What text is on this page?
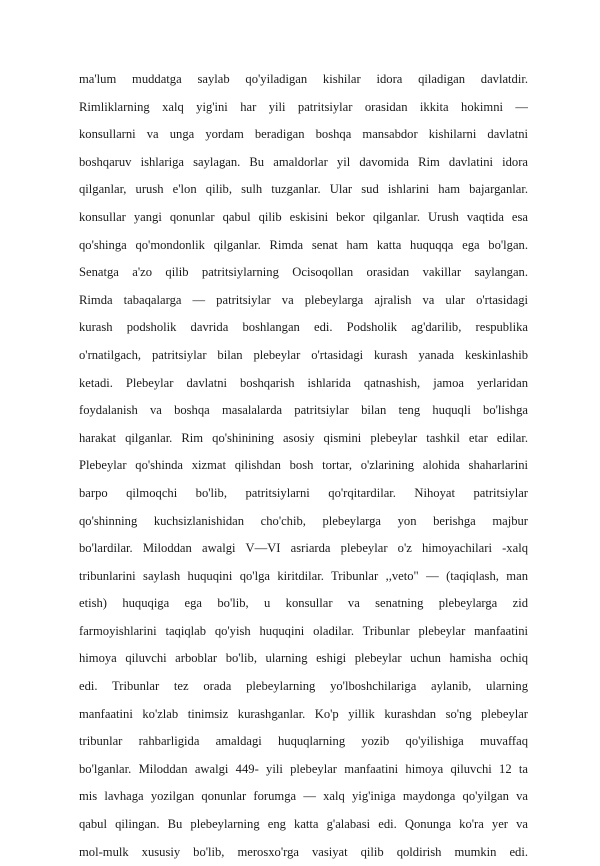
ma'lum muddatga saylab qo'yiladigan kishilar idora qiladigan davlatdir.
Rimliklarning xalq yig'ini har yili patritsiylar orasidan ikkita hokimni —
konsullarni va unga yordam beradigan boshqa mansabdor kishilarni davlatni
boshqaruv ishlariga saylagan. Bu amaldorlar yil davomida Rim davlatini idora
qilganlar, urush e'lon qilib, sulh tuzganlar. Ular sud ishlarini ham bajarganlar.
konsullar yangi qonunlar qabul qilib eskisini bekor qilganlar. Urush vaqtida esa
qo'shinga qo'mondonlik qilganlar. Rimda senat ham katta huquqqa ega bo'lgan.
Senatga a'zo qilib patritsiylarning Ocisoqollan orasidan vakillar saylangan.
Rimda tabaqalarga — patritsiylar va plebeylarga ajralish va ular o'rtasidagi
kurash podsholik davrida boshlangan edi. Podsholik ag'darilib, respublika
o'rnatilgach, patritsiylar bilan plebeylar o'rtasidagi kurash yanada keskinlashib
ketadi. Plebeylar davlatni boshqarish ishlarida qatnashish, jamoa yerlaridan
foydalanish va boshqa masalalarda patritsiylar bilan teng huquqli bo'lishga
harakat qilganlar. Rim qo'shinining asosiy qismini plebeylar tashkil etar edilar.
Plebeylar qo'shinda xizmat qilishdan bosh tortar, o'zlarining alohida shaharlarini
barpo qilmoqchi bo'lib, patritsiylarni qo'rqitardilar. Nihoyat patritsiylar
qo'shinning kuchsizlanishidan cho'chib, plebeylarga yon berishga majbur
bo'lardilar. Miloddan awalgi V—VI asriarda plebeylar o'z himoyachilari -xalq
tribunlarini saylash huquqini qo'lga kiritdilar. Tribunlar ,,veto" — (taqiqlash, man
etish) huquqiga ega bo'lib, u konsullar va senatning plebeylarga zid
farmoyishlarini taqiqlab qo'yish huquqini oladilar. Tribunlar plebeylar manfaatini
himoya qiluvchi arboblar bo'lib, ularning eshigi plebeylar uchun hamisha ochiq
edi. Tribunlar tez orada plebeylarning yo'lboshchilariga aylanib, ularning
manfaatini ko'zlab tinimsiz kurashganlar. Ko'p yillik kurashdan so'ng plebeylar
tribunlar rahbarligida amaldagi huquqlarning yozib qo'yilishiga muvaffaq
bo'lganlar. Miloddan awalgi 449- yili plebeylar manfaatini himoya qiluvchi 12 ta
mis lavhaga yozilgan qonunlar forumga — xalq yig'iniga maydonga qo'yilgan va
qabul qilingan. Bu plebeylarning eng katta g'alabasi edi. Qonunga ko'ra yer va
mol-mulk xususiy bo'lib, merosxo'rga vasiyat qilib qoldirish mumkin edi.
